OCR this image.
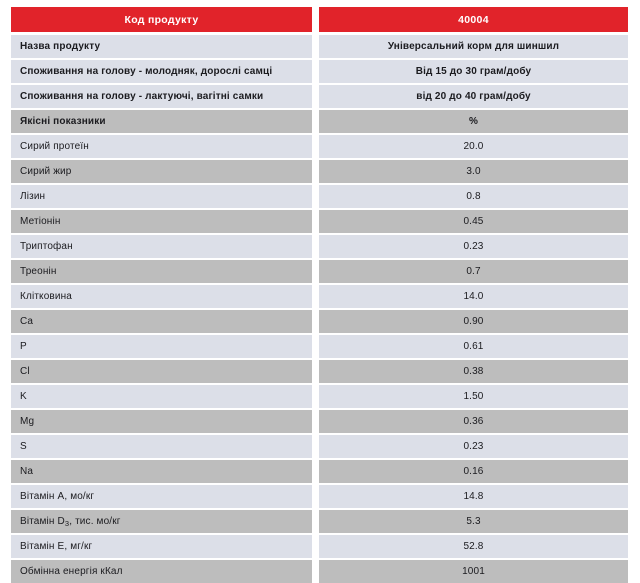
Код продукту	40004
Назва продукту	Універсальний корм для шиншил
Споживання на голову - молодняк, дорослі самці	Від 15 до 30 грам/добу
Споживання на голову - лактуючі, вагітні самки	від 20 до 40 грам/добу
Якісні показники	%
Сирий протеїн	20.0
Сирий жир	3.0
Лізин	0.8
Метіонін	0.45
Триптофан	0.23
Треонін	0.7
Клітковина	14.0
Ca	0.90
P	0.61
Cl	0.38
K	1.50
Mg	0.36
S	0.23
Na	0.16
Вітамін А, мо/кг	14.8
Вітамін $D_3$ , тис. мо/кг	5.3
Вітамін Е, мг/кг	52.8
Обмінна енергія кКал	1001
